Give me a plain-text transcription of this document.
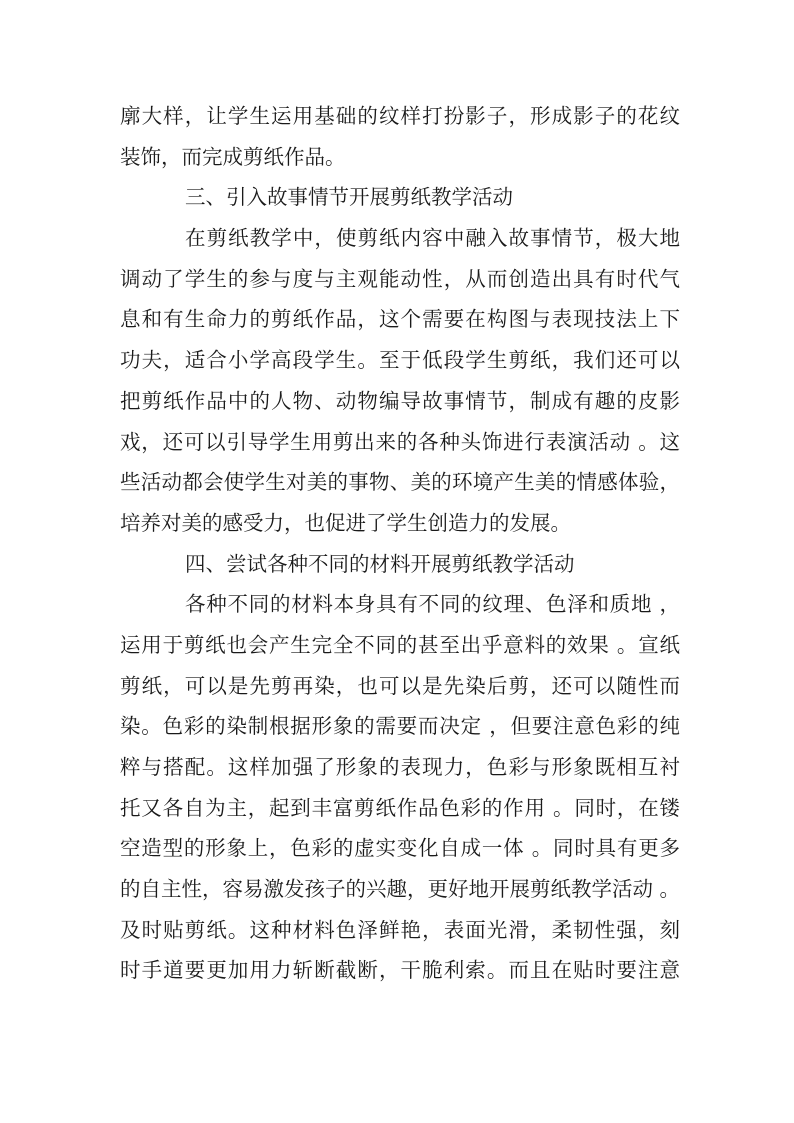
廓大样，让学生运用基础的纹样打扮影子，形成影子的花纹
装饰，而完成剪纸作品。
三、引入故事情节开展剪纸教学活动
在剪纸教学中，使剪纸内容中融入故事情节，极大地
调动了学生的参与度与主观能动性，从而创造出具有时代气
息和有生命力的剪纸作品，这个需要在构图与表现技法上下
功夫，适合小学高段学生。至于低段学生剪纸，我们还可以
把剪纸作品中的人物、动物编导故事情节，制成有趣的皮影
戏，还可以引导学生用剪出来的各种头饰进行表演活动 。这
些活动都会使学生对美的事物、美的环境产生美的情感体验，
培养对美的感受力，也促进了学生创造力的发展。
四、尝试各种不同的材料开展剪纸教学活动
各种不同的材料本身具有不同的纹理、色泽和质地 ，
运用于剪纸也会产生完全不同的甚至出乎意料的效果 。宣纸
剪纸，可以是先剪再染，也可以是先染后剪，还可以随性而
染。色彩的染制根据形象的需要而决定 ，但要注意色彩的纯
粹与搭配。这样加强了形象的表现力，色彩与形象既相互衬
托又各自为主，起到丰富剪纸作品色彩的作用 。同时，在镂
空造型的形象上，色彩的虚实变化自成一体 。同时具有更多
的自主性，容易激发孩子的兴趣，更好地开展剪纸教学活动 。
及时贴剪纸。这种材料色泽鲜艳，表面光滑，柔韧性强，刻
时手道要更加用力斩断截断，干脆利索。而且在贴时要注意
